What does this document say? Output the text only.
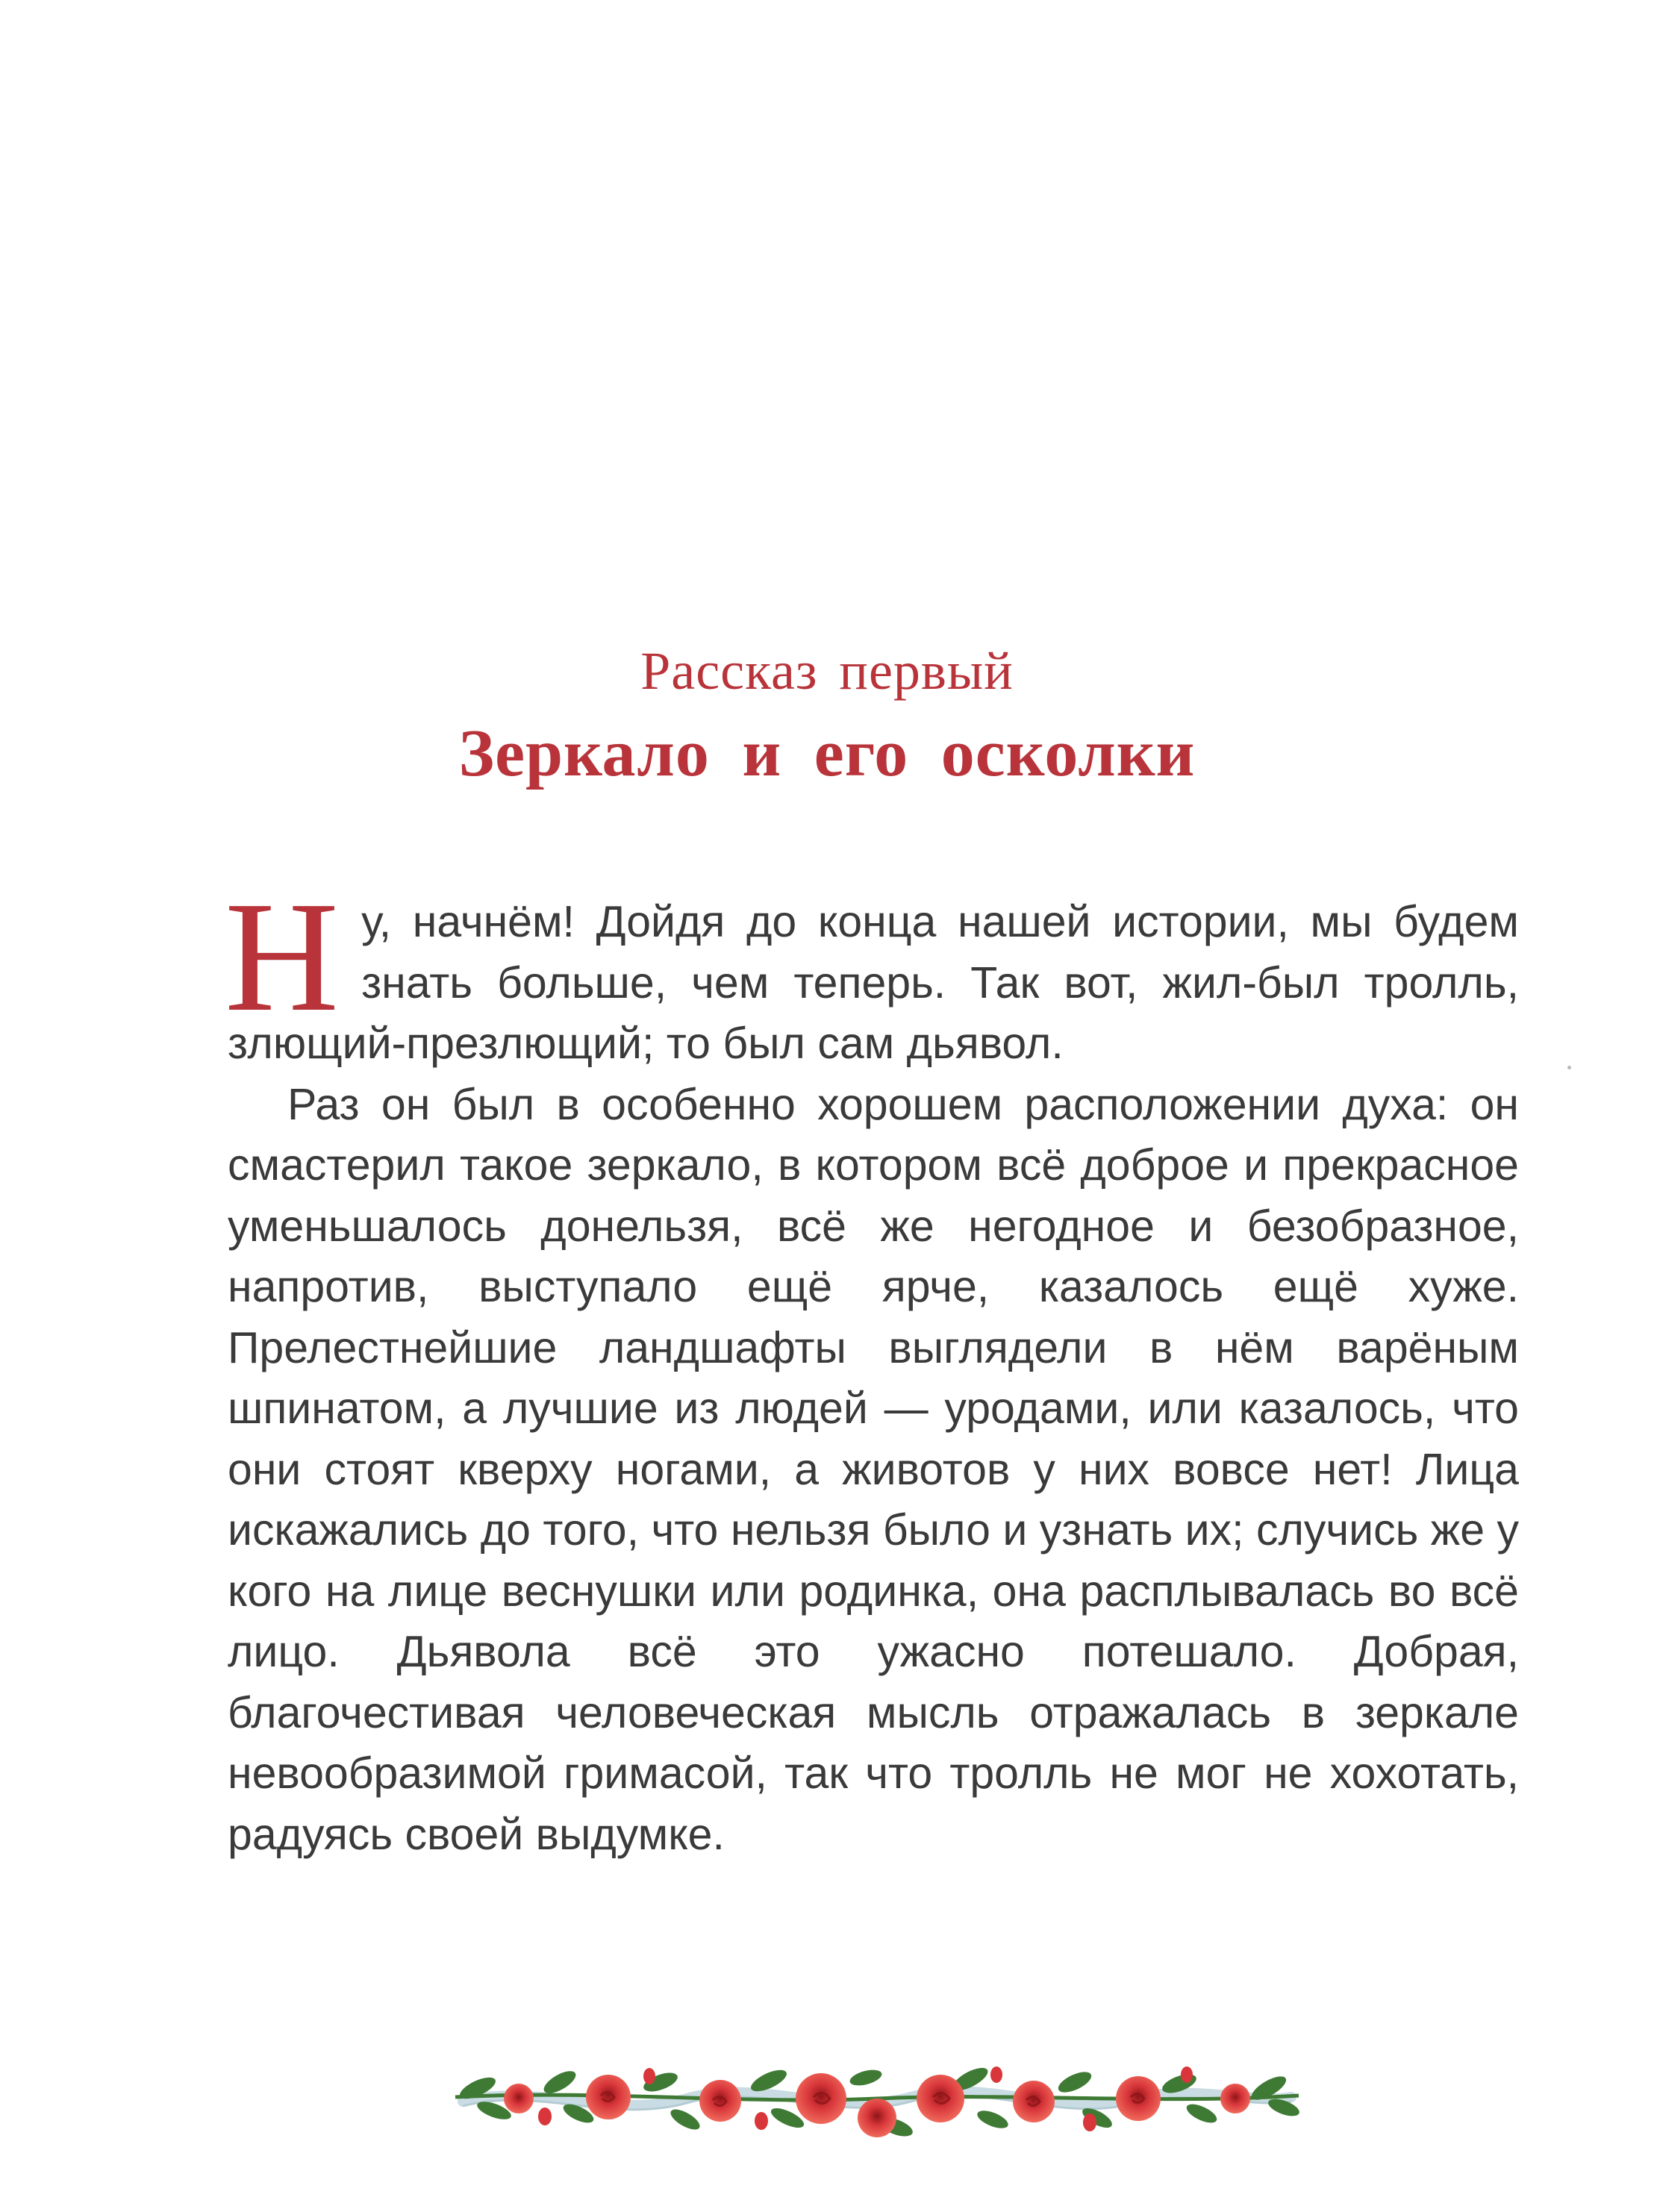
Рассказ первый
Зеркало и его осколки

Н у, начнём! Дойдя до конца нашей истории, мы будем знать больше, чем теперь. Так вот, жил-был тролль, злющий-презлющий; то был сам дьявол.

Раз он был в особенно хорошем расположении духа: он смастерил такое зеркало, в котором всё доброе и прекрасное уменьшалось донельзя, всё же негодное и безобразное, напротив, выступало ещё ярче, казалось ещё хуже. Прелестнейшие ландшафты выглядели в нём варёным шпинатом, а лучшие из людей — уродами, или казалось, что они стоят кверху ногами, а животов у них вовсе нет! Лица искажались до того, что нельзя было и узнать их; случись же у кого на лице веснушки или родинка, она расплывалась во всё лицо. Дьявола всё это ужасно потешало. Добрая, благочестивая человеческая мысль отражалась в зеркале невообразимой гримасой, так что тролль не мог не хохотать, радуясь своей выдумке.
